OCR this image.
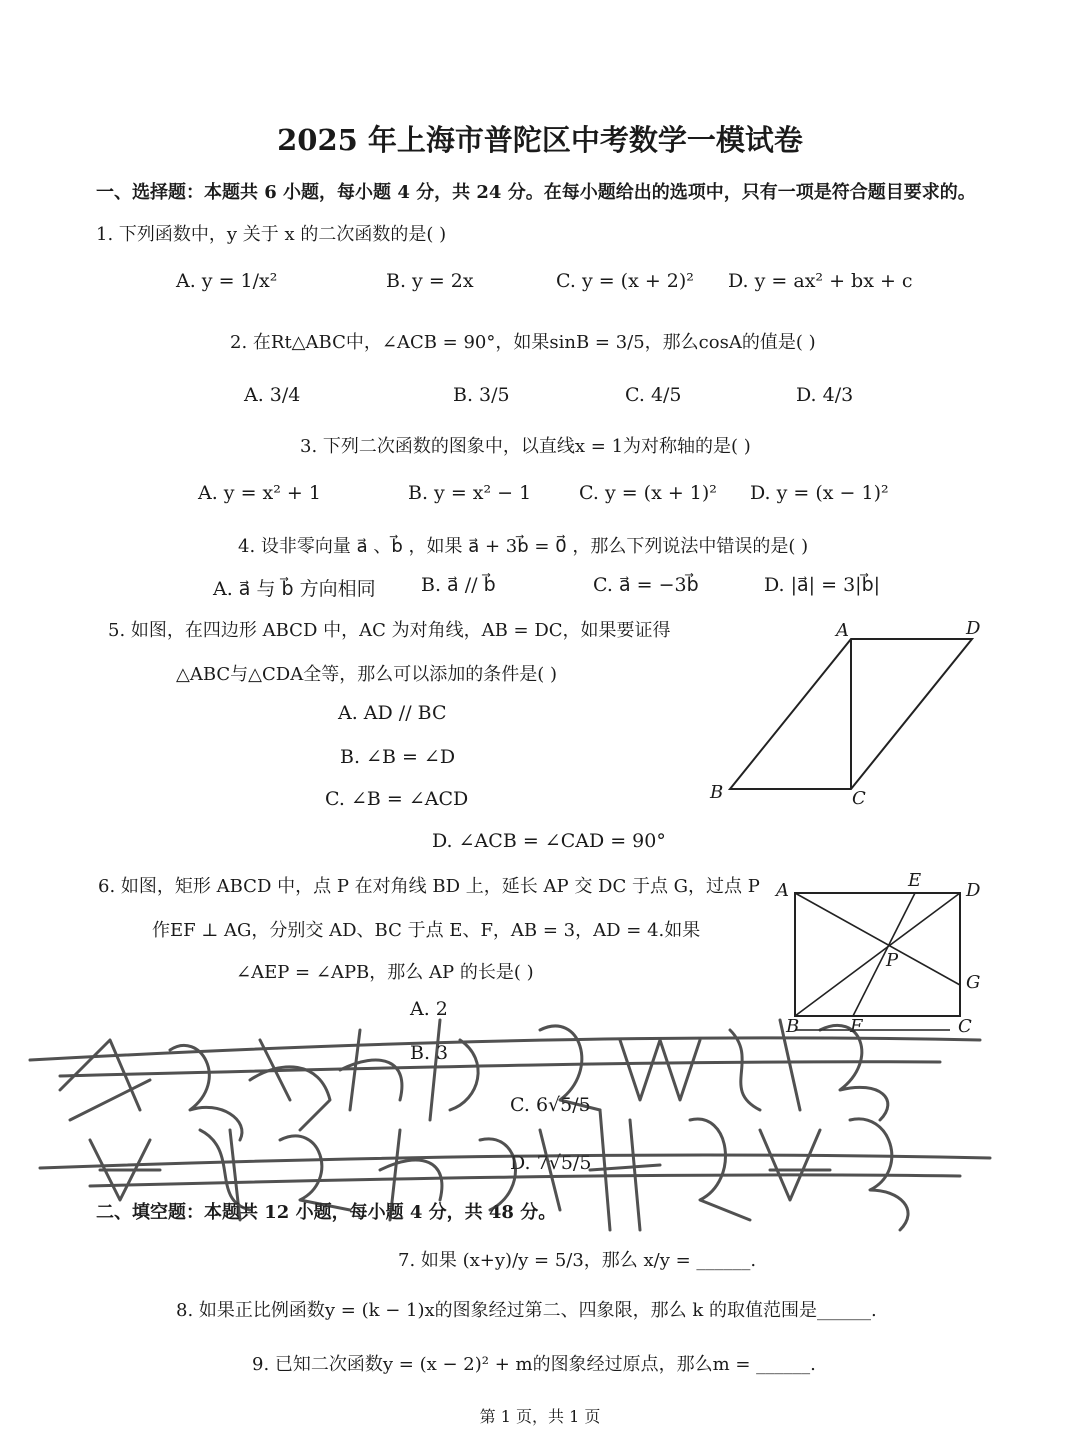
2025 年上海市普陀区中考数学一模试卷
一、选择题：本题共 6 小题，每小题 4 分，共 24 分。在每小题给出的选项中，只有一项是符合题目要求的。
1. 下列函数中，y 关于 x 的二次函数的是( )
A. y = 1/x²	B. y = 2x	C. y = (x + 2)² D. y = ax² + bx + c
2. 在Rt△ABC中，∠ACB = 90°，如果sinB = 3/5，那么cosA的值是( )
A. 3/4	B. 3/5	C. 4/5	D. 4/3
3. 下列二次函数的图象中，以直线x = 1为对称轴的是( )
A. y = x² + 1	B. y = x² − 1	C. y = (x + 1)² D. y = (x − 1)²
4. 设非零向量 a⃗ 、b⃗ ，如果 a⃗ + 3b⃗ = 0⃗ ，那么下列说法中错误的是( )
A. a⃗ 与 b⃗ 方向相同 B. a⃗ // b⃗	C. a⃗ = −3b⃗	D. |a⃗| = 3|b⃗|
5. 如图，在四边形 ABCD 中，AC 为对角线，AB = DC，如果要证得
△ABC与△CDA全等，那么可以添加的条件是( )
A. AD // BC
B. ∠B = ∠D
C. ∠B = ∠ACD
D. ∠ACB = ∠CAD = 90°
A	D
B	C
6. 如图，矩形 ABCD 中，点 P 在对角线 BD 上，延长 AP 交 DC 于点 G，过点 P
作EF ⊥ AG，分别交 AD、BC 于点 E、F，AB = 3，AD = 4.如果
∠AEP = ∠APB，那么 AP 的长是( )
A. 2
B. 3
C. 6√5/5
D. 7√5/5
A	E D
P
G
B	F	C
二、填空题：本题共 12 小题，每小题 4 分，共 48 分。
7. 如果 (x+y)/y = 5/3，那么 x/y = ______.
8. 如果正比例函数y = (k − 1)x的图象经过第二、四象限，那么 k 的取值范围是______.
9. 已知二次函数y = (x − 2)² + m的图象经过原点，那么m = ______.
第 1 页，共 1 页
